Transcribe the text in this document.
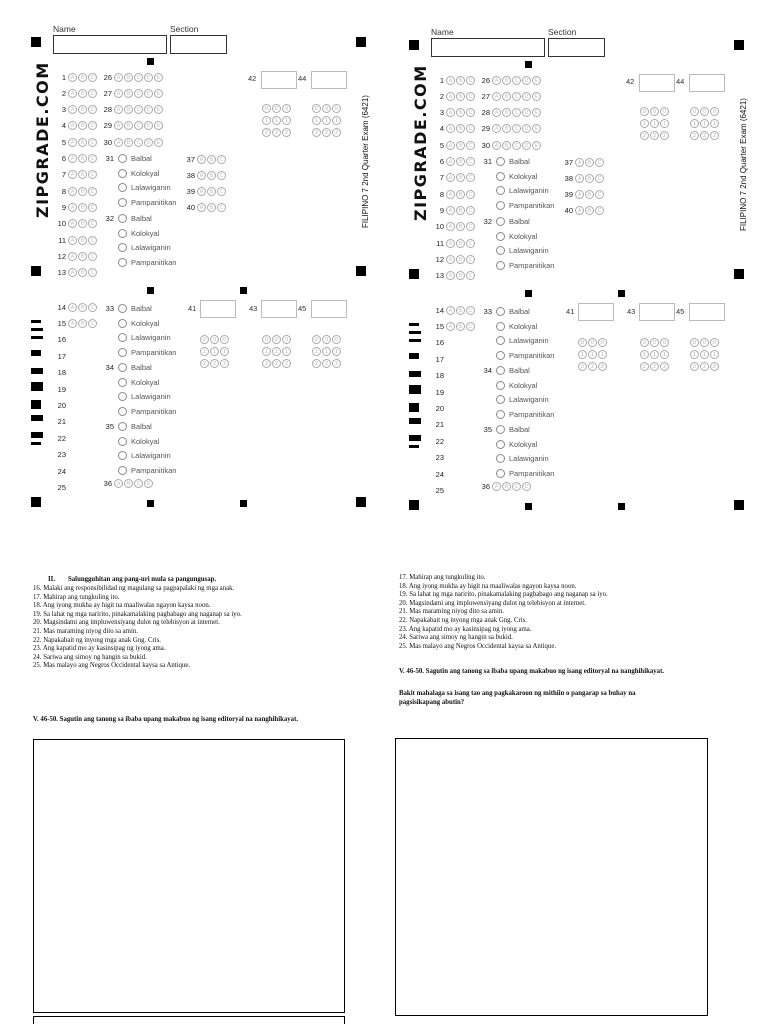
II. Salungguhitan ang pang-uri mula sa pangungusap.
16. Malaki ang responsibilidad ng magulang sa pagpapalaki ng mga anak.
17. Mahirap ang tungkuling ito.
18. Ang iyong mukha ay higit na maaliwalas ngayon kaysa noon.
19. Sa lahat ng mga naririto, pinakamalaking pagbabago ang naganap sa iyo.
20. Magsindami ang impluwensiyang dulot ng telebisyon at internet.
21. Mas maraming niyog dito sa amin.
22. Napakabait ng inyong mga anak Gng. Cris.
23. Ang kapatid mo ay kasinsipag ng iyong ama.
24. Sariwa ang simoy ng hangin sa bukid.
25. Mas malayo ang Negros Occidental kaysa sa Antique.
V. 46-50. Sagutin ang tanong sa ibaba upang makabuo ng isang editoryal na nanghihikayat.
17. Mahirap ang tungkuling ito.
18. Ang iyong mukha ay higit na maaliwalas ngayon kaysa noon.
19. Sa lahat ng mga naririto, pinakamalaking pagbabago ang naganap sa iyo.
20. Magsindami ang impluwensiyang dulot ng telebisyon at internet.
21. Mas maraming niyog dito sa amin.
22. Napakabait ng inyong mga anak Gng. Cris.
23. Ang kapatid mo ay kasinsipag ng iyong ama.
24. Sariwa ang simoy ng hangin sa bukid.
25. Mas malayo ang Negros Occidental kaysa sa Antique.
V. 46-50. Sagutin ang tanong sa ibaba upang makabuo ng isang editoryal na nanghihikayat.
Bakit mahalaga sa isang tao ang pagkakaroon ng mithiin o pangarap sa buhay na
pagsisikapang abutin?
Name	Section
ZIPGRADE.COM	FILIPINO 7 2nd Quarter Exam (6421)
1 A	B	C
2 A	B	C
3 A	B	C
4 A	B	C
5 A	B	C
6 A	B	C
7 A	B	C
8 A	B	C
9 A	B	C
10 A	B	C
11 A	B	C
12 A	B	C
13 A	B	C
26 A	B	C	D	E
27 A	B	C	D	E
28 A	B	C	D	E
29 A	B	C	D	E
30 A	B	C	D	E
37 A	B	C
38 A	B	C
39 A	B	C
40 A	B	C
31 Balbal
Kolokyal
Lalawiganin
Pampanitikan
32 Balbal
Kolokyal
Lalawiganin
Pampanitikan
42	44
0	0	0
1	1	1
2	2	2
0	0	0
1	1	1
2	2	2
14 A	B	C
15 A	B	C
16
17
18
19
20
21
22
23
24
25
33 Balbal
Kolokyal
Lalawiganin
Pampanitikan
34 Balbal
Kolokyal
Lalawiganin
Pampanitikan
35 Balbal
Kolokyal
Lalawiganin
Pampanitikan
36 A	B	C	D
41	43	45
0	0	0
1	1	1
2	2	2
0	0	0
1	1	1
2	2	2
0	0	0
1	1	1
2	2	2
Name	Section
ZIPGRADE.COM	FILIPINO 7 2nd Quarter Exam (6421)
1 A	B	C
2 A	B	C
3 A	B	C
4 A	B	C
5 A	B	C
6 A	B	C
7 A	B	C
8 A	B	C
9 A	B	C
10 A	B	C
11 A	B	C
12 A	B	C
13 A	B	C
26 A	B	C	D	E
27 A	B	C	D	E
28 A	B	C	D	E
29 A	B	C	D	E
30 A	B	C	D	E
37 A	B	C
38 A	B	C
39 A	B	C
40 A	B	C
31 Balbal
Kolokyal
Lalawiganin
Pampanitikan
32 Balbal
Kolokyal
Lalawiganin
Pampanitikan
42	44
0	0	0
1	1	1
2	2	2
0	0	0
1	1	1
2	2	2
14 A	B	C
15 A	B	C
16
17
18
19
20
21
22
23
24
25
33 Balbal
Kolokyal
Lalawiganin
Pampanitikan
34 Balbal
Kolokyal
Lalawiganin
Pampanitikan
35 Balbal
Kolokyal
Lalawiganin
Pampanitikan
36 A	B	C	D
41	43	45
0	0	0
1	1	1
2	2	2
0	0	0
1	1	1
2	2	2
0	0	0
1	1	1
2	2	2
